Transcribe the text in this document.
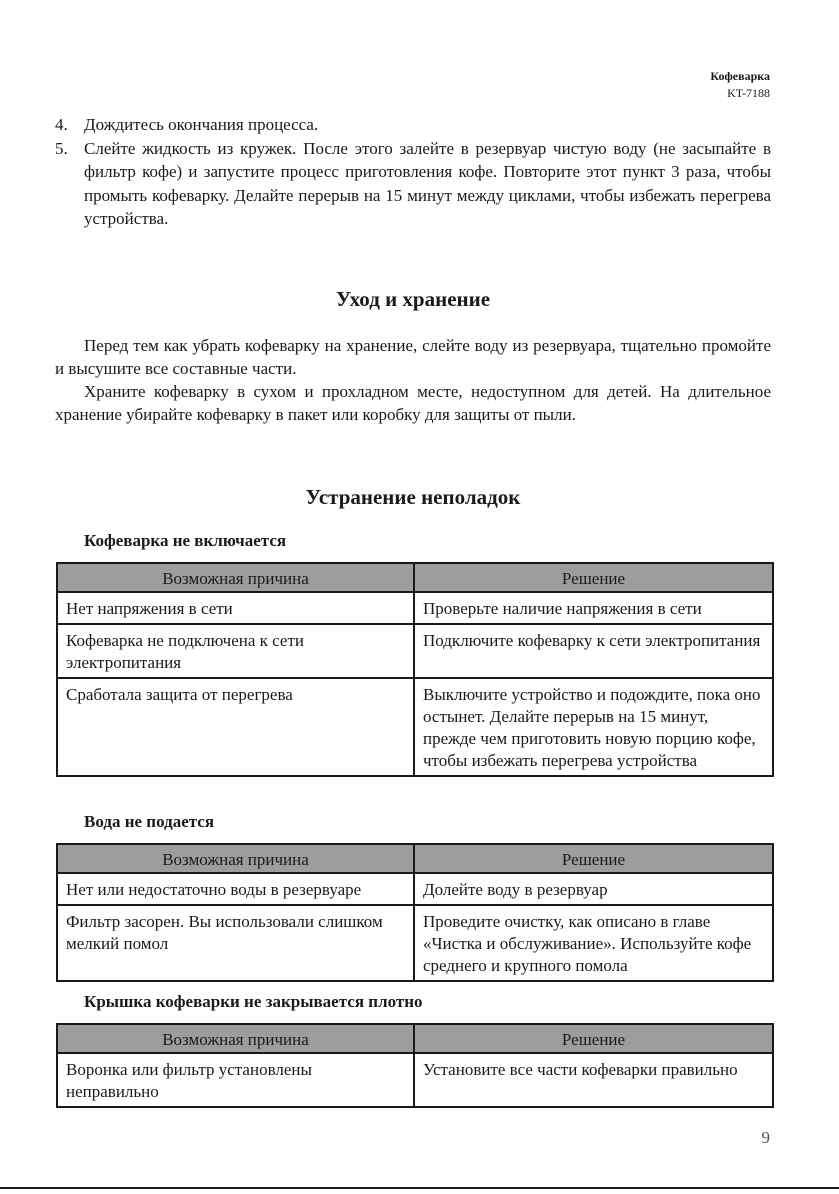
Кофеварка
KT-7188
4. Дождитесь окончания процесса.
5. Слейте жидкость из кружек. После этого залейте в резервуар чистую воду (не засыпайте в фильтр кофе) и запустите процесс приготовления кофе. Повторите этот пункт 3 раза, чтобы промыть кофеварку. Делайте перерыв на 15 минут между циклами, чтобы избежать перегрева устройства.
Уход и хранение

Перед тем как убрать кофеварку на хранение, слейте воду из резервуара, тщательно промойте и высушите все составные части.

Храните кофеварку в сухом и прохладном месте, недоступном для детей. На длительное хранение убирайте кофеварку в пакет или коробку для защиты от пыли.

Устранение неполадок
Кофеварка не включается
Возможная причина	Решение
Нет напряжения в сети	Проверьте наличие напряжения в сети
Кофеварка не подключена к сети электропитания	Подключите кофеварку к сети электропитания
Сработала защита от перегрева	Выключите устройство и подождите, пока оно остынет. Делайте перерыв на 15 минут, прежде чем приготовить новую порцию кофе, чтобы избежать перегрева устройства
Вода не подается
Возможная причина	Решение
Нет или недостаточно воды в резервуаре	Долейте воду в резервуар
Фильтр засорен. Вы использовали слишком мелкий помол	Проведите очистку, как описано в главе «Чистка и обслуживание». Используйте кофе среднего и крупного помола
Крышка кофеварки не закрывается плотно
Возможная причина	Решение
Воронка или фильтр установлены неправильно	Установите все части кофеварки правильно
9
